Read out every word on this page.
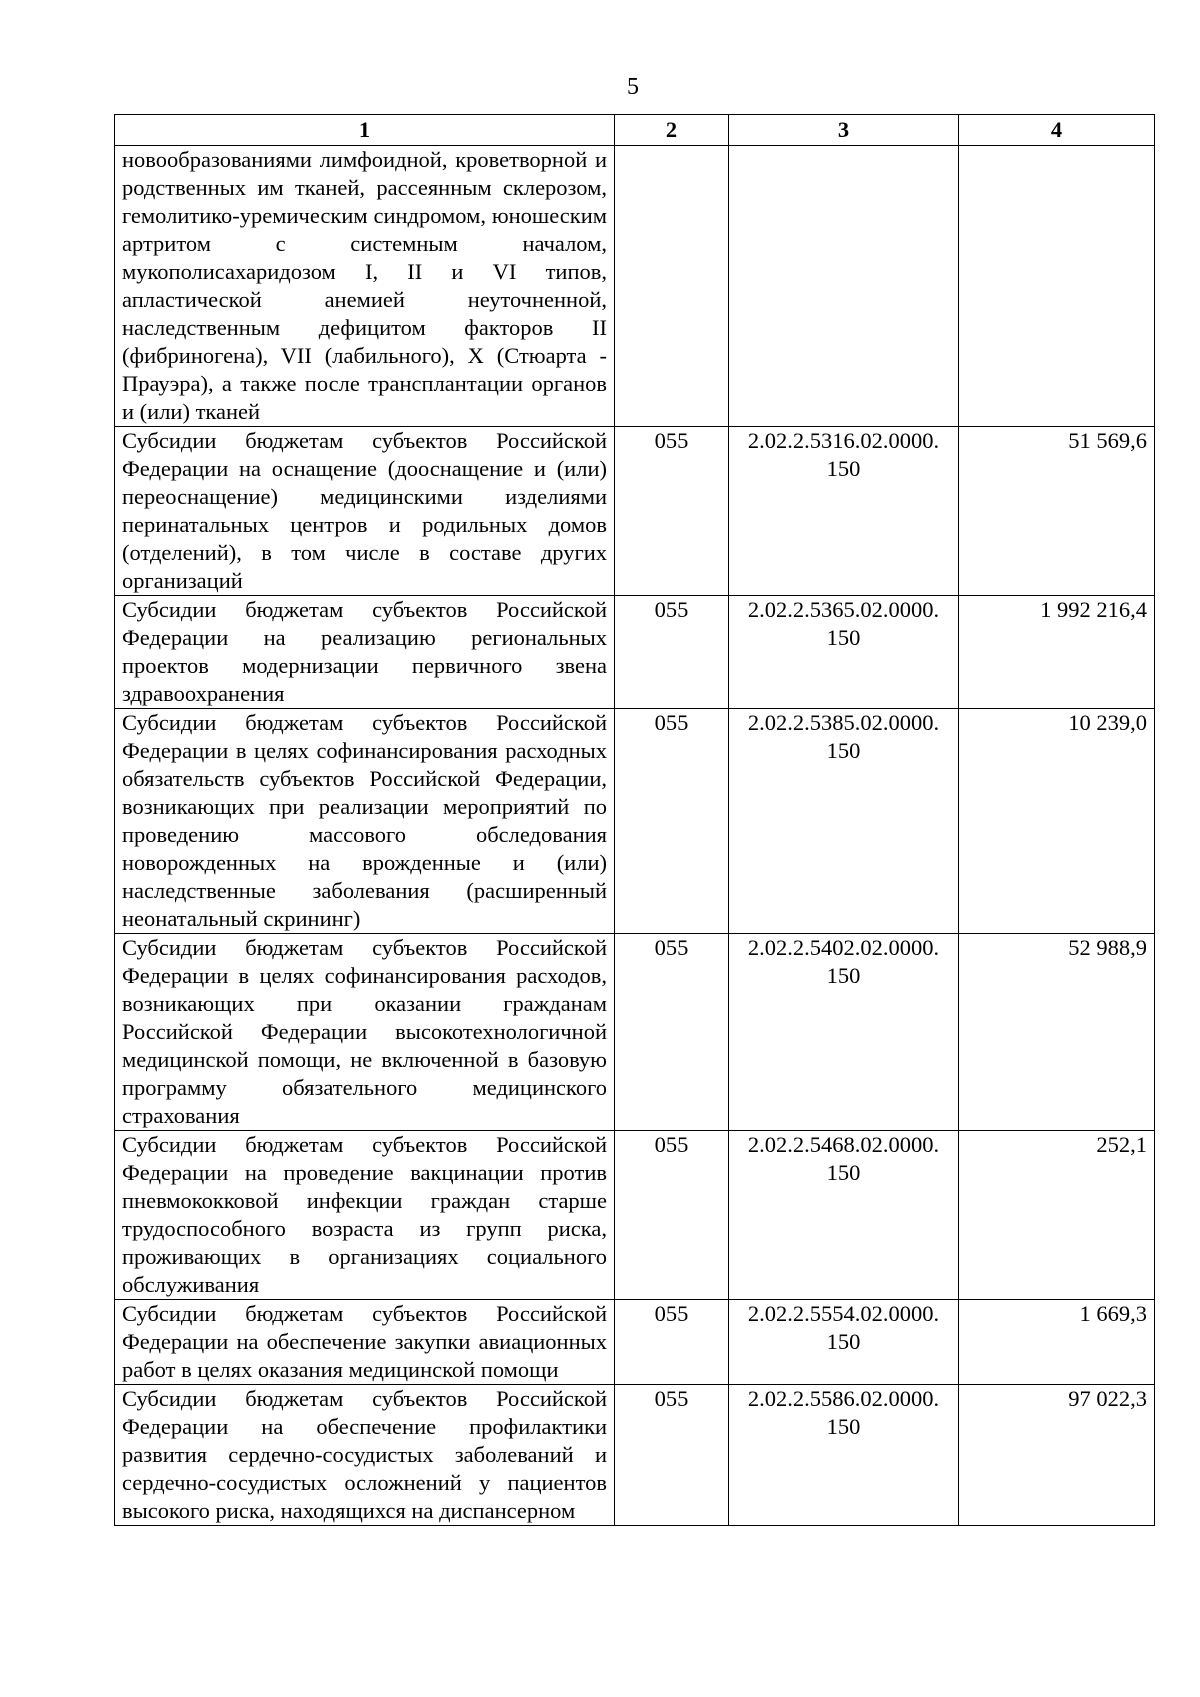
5
1	2	3	4
новообразованиями лимфоидной, кроветворной и родственных им тканей, рассеянным склерозом, гемолитико-уремическим синдромом, юношеским артритом с системным началом, мукополисахаридозом I, II и VI типов, апластической анемией неуточненной, наследственным дефицитом факторов II (фибриногена), VII (лабильного), X (Стюарта - Прауэра), а также после трансплантации органов и (или) тканей			
Субсидии бюджетам субъектов Российской Федерации на оснащение (дооснащение и (или) переоснащение) медицинскими изделиями перинатальных центров и родильных домов (отделений), в том числе в составе других организаций	055	2.02.2.5316.02.0000. 150	51 569,6
Субсидии бюджетам субъектов Российской Федерации на реализацию региональных проектов модернизации первичного звена здравоохранения	055	2.02.2.5365.02.0000. 150	1 992 216,4
Субсидии бюджетам субъектов Российской Федерации в целях софинансирования расходных обязательств субъектов Российской Федерации, возникающих при реализации мероприятий по проведению массового обследования новорожденных на врожденные и (или) наследственные заболевания (расширенный неонатальный скрининг)	055	2.02.2.5385.02.0000. 150	10 239,0
Субсидии бюджетам субъектов Российской Федерации в целях софинансирования расходов, возникающих при оказании гражданам Российской Федерации высокотехнологичной медицинской помощи, не включенной в базовую программу обязательного медицинского страхования	055	2.02.2.5402.02.0000. 150	52 988,9
Субсидии бюджетам субъектов Российской Федерации на проведение вакцинации против пневмококковой инфекции граждан старше трудоспособного возраста из групп риска, проживающих в организациях социального обслуживания	055	2.02.2.5468.02.0000. 150	252,1
Субсидии бюджетам субъектов Российской Федерации на обеспечение закупки авиационных работ в целях оказания медицинской помощи	055	2.02.2.5554.02.0000. 150	1 669,3
Субсидии бюджетам субъектов Российской Федерации на обеспечение профилактики развития сердечно-сосудистых заболеваний и сердечно-сосудистых осложнений у пациентов высокого риска, находящихся на диспансерном	055	2.02.2.5586.02.0000. 150	97 022,3
